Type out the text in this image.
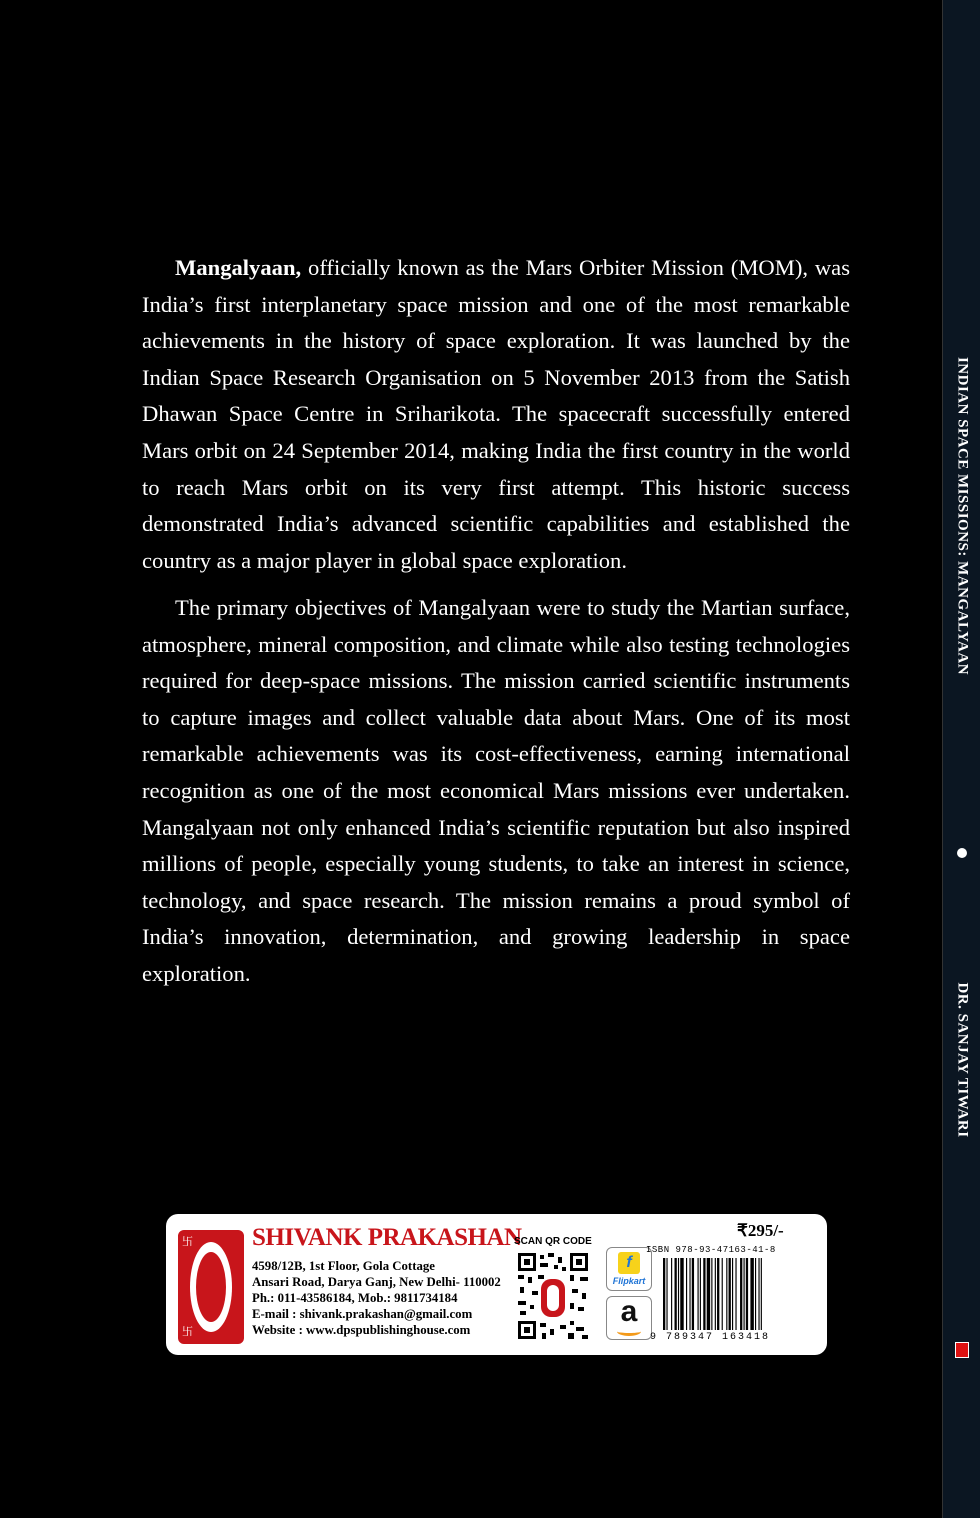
Mangalyaan, officially known as the Mars Orbiter Mission (MOM), was India’s first interplanetary space mission and one of the most remarkable achievements in the history of space exploration. It was launched by the Indian Space Research Organisation on 5 November 2013 from the Satish Dhawan Space Centre in Sriharikota. The spacecraft successfully entered Mars orbit on 24 September 2014, making India the first country in the world to reach Mars orbit on its very first attempt. This historic success demonstrated India’s advanced scientific capabilities and established the country as a major player in global space exploration.

The primary objectives of Mangalyaan were to study the Martian surface, atmosphere, mineral composition, and climate while also testing technologies required for deep-space missions. The mission carried scientific instruments to capture images and collect valuable data about Mars. One of its most remarkable achievements was its cost-effectiveness, earning international recognition as one of the most economical Mars missions ever undertaken. Mangalyaan not only enhanced India’s scientific reputation but also inspired millions of people, especially young students, to take an interest in science, technology, and space research. The mission remains a proud symbol of India’s innovation, determination, and growing leadership in space exploration.

卐
卐
SHIVANK PRAKASHAN
4598/12B, 1st Floor, Gola Cottage
Ansari Road, Darya Ganj, New Delhi- 110002
Ph.: 011-43586184, Mob.: 9811734184
E-mail : shivank.prakashan@gmail.com
Website : www.dpspublishinghouse.com
SCAN QR CODE
f
Flipkart
a
₹295/-
ISBN 978-93-47163-41-8
9 789347 163418
INDIAN SPACE MISSIONS: MANGALYAAN
DR. SANJAY TIWARI
